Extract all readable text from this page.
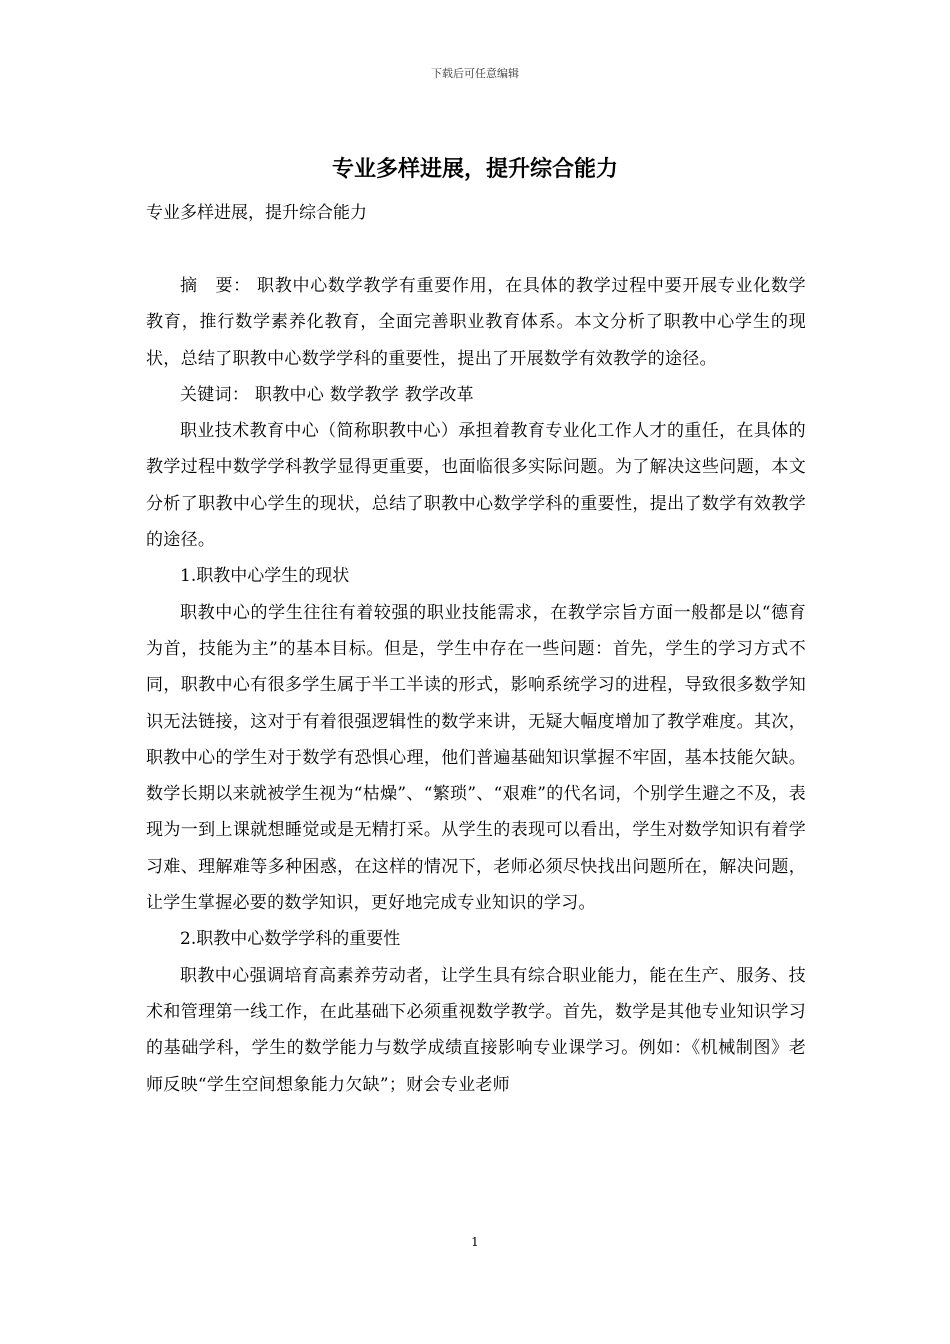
下载后可任意编辑
专业多样进展，提升综合能力

专业多样进展，提升综合能力

摘　要： 职教中心数学教学有重要作用，在具体的教学过程中要开展专业化数学教育，推行数学素养化教育，全面完善职业教育体系。本文分析了职教中心学生的现状，总结了职教中心数学学科的重要性，提出了开展数学有效教学的途径。

关键词： 职教中心 数学教学 教学改革

职业技术教育中心（简称职教中心）承担着教育专业化工作人才的重任，在具体的教学过程中数学学科教学显得更重要，也面临很多实际问题。为了解决这些问题，本文分析了职教中心学生的现状，总结了职教中心数学学科的重要性，提出了数学有效教学的途径。

1.职教中心学生的现状

职教中心的学生往往有着较强的职业技能需求，在教学宗旨方面一般都是以“德育为首，技能为主”的基本目标。但是，学生中存在一些问题：首先，学生的学习方式不同，职教中心有很多学生属于半工半读的形式，影响系统学习的进程，导致很多数学知识无法链接，这对于有着很强逻辑性的数学来讲，无疑大幅度增加了教学难度。其次，职教中心的学生对于数学有恐惧心理，他们普遍基础知识掌握不牢固，基本技能欠缺。数学长期以来就被学生视为“枯燥”、“繁琐”、“艰难”的代名词，个别学生避之不及，表现为一到上课就想睡觉或是无精打采。从学生的表现可以看出，学生对数学知识有着学习难、理解难等多种困惑，在这样的情况下，老师必须尽快找出问题所在，解决问题，让学生掌握必要的数学知识，更好地完成专业知识的学习。

2.职教中心数学学科的重要性

职教中心强调培育高素养劳动者，让学生具有综合职业能力，能在生产、服务、技术和管理第一线工作，在此基础下必须重视数学教学。首先，数学是其他专业知识学习的基础学科，学生的数学能力与数学成绩直接影响专业课学习。例如：《机械制图》老师反映“学生空间想象能力欠缺”；财会专业老师

1
